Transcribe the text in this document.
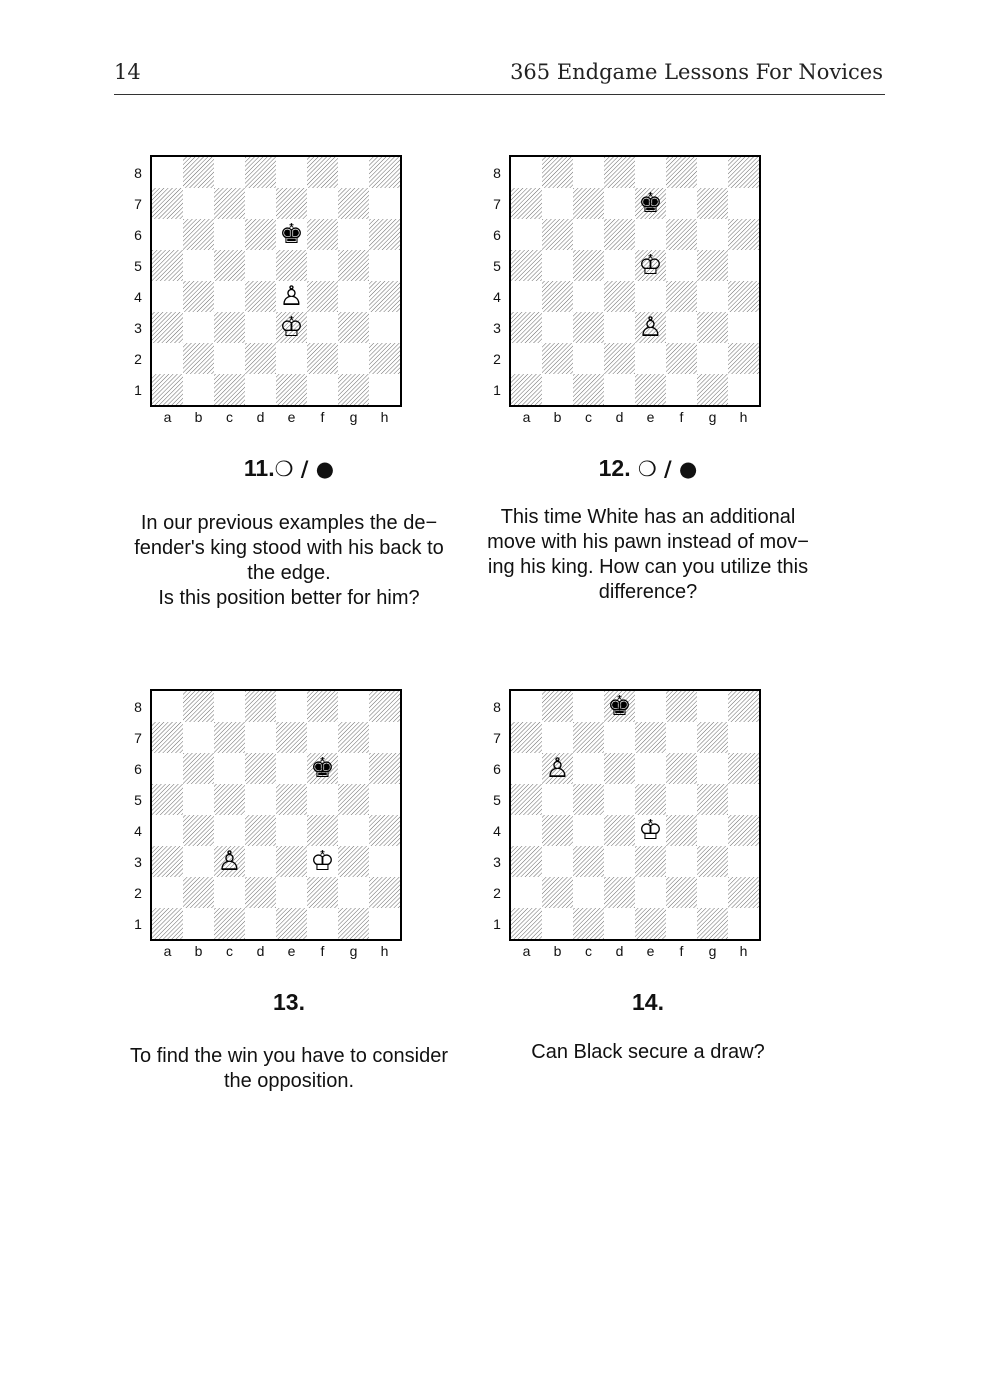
14	365 Endgame Lessons For Novices
8
7
6
5
4
3
2
1
a	b	c	d	e	f	g	h
♚
♙
♔
11.❍ / ●
In our previous examples the de−
fender's king stood with his back to
the edge.
Is this position better for him?
8
7
6
5
4
3
2
1
a	b	c	d	e	f	g	h
♚
♔
♙
12. ❍ / ●
This time White has an additional
move with his pawn instead of mov−
ing his king. How can you utilize this
difference?
8
7
6
5
4
3
2
1
a	b	c	d	e	f	g	h
♚
♙	♔
13.
To find the win you have to consider
the opposition.
8
7
6
5
4
3
2
1
a	b	c	d	e	f	g	h
♚
♙
♔
14.
Can Black secure a draw?
